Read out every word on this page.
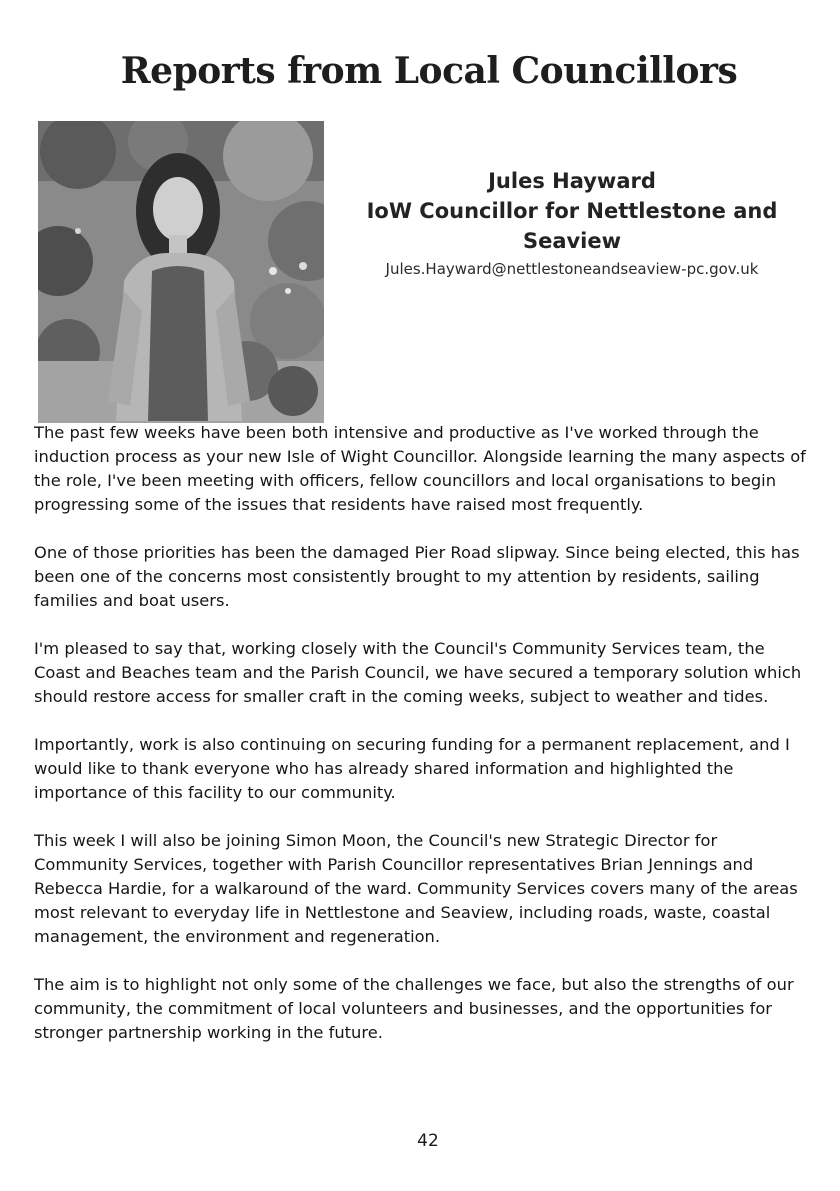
Reports from Local Councillors
Jules Hayward
IoW Councillor for Nettlestone and Seaview
Jules.Hayward@nettlestoneandseaview-pc.gov.uk

The past few weeks have been both intensive and productive as I've worked through the induction process as your new Isle of Wight Councillor. Alongside learning the many aspects of the role, I've been meeting with officers, fellow councillors and local organisations to begin progressing some of the issues that residents have raised most frequently.

One of those priorities has been the damaged Pier Road slipway. Since being elected, this has been one of the concerns most consistently brought to my attention by residents, sailing families and boat users.

I'm pleased to say that, working closely with the Council's Community Services team, the Coast and Beaches team and the Parish Council, we have secured a temporary solution which should restore access for smaller craft in the coming weeks, subject to weather and tides.

Importantly, work is also continuing on securing funding for a permanent replacement, and I would like to thank everyone who has already shared information and highlighted the importance of this facility to our community.

This week I will also be joining Simon Moon, the Council's new Strategic Director for Community Services, together with Parish Councillor representatives Brian Jennings and Rebecca Hardie, for a walkaround of the ward. Community Services covers many of the areas most relevant to everyday life in Nettlestone and Seaview, including roads, waste, coastal management, the environment and regeneration.

The aim is to highlight not only some of the challenges we face, but also the strengths of our community, the commitment of local volunteers and businesses, and the opportunities for stronger partnership working in the future.

42
